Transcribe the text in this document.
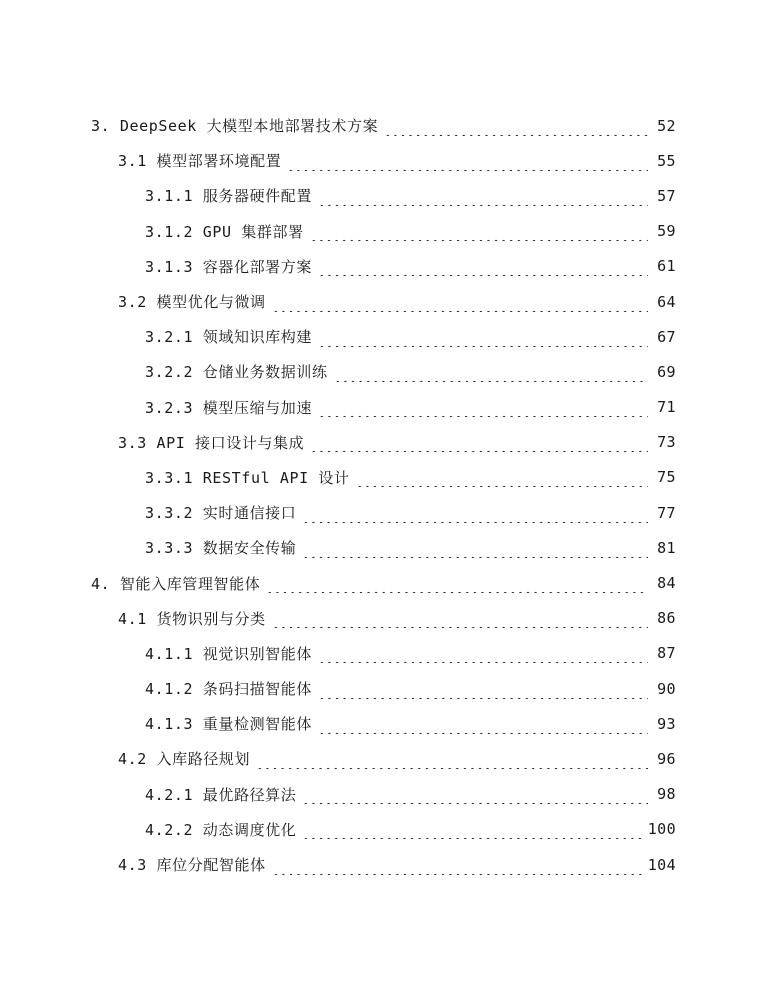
3. DeepSeek 大模型本地部署技术方案	52
3.1 模型部署环境配置	55
3.1.1 服务器硬件配置	57
3.1.2 GPU 集群部署	59
3.1.3 容器化部署方案	61
3.2 模型优化与微调	64
3.2.1 领域知识库构建	67
3.2.2 仓储业务数据训练	69
3.2.3 模型压缩与加速	71
3.3 API 接口设计与集成	73
3.3.1 RESTful API 设计	75
3.3.2 实时通信接口	77
3.3.3 数据安全传输	81
4. 智能入库管理智能体	84
4.1 货物识别与分类	86
4.1.1 视觉识别智能体	87
4.1.2 条码扫描智能体	90
4.1.3 重量检测智能体	93
4.2 入库路径规划	96
4.2.1 最优路径算法	98
4.2.2 动态调度优化	100
4.3 库位分配智能体	104
